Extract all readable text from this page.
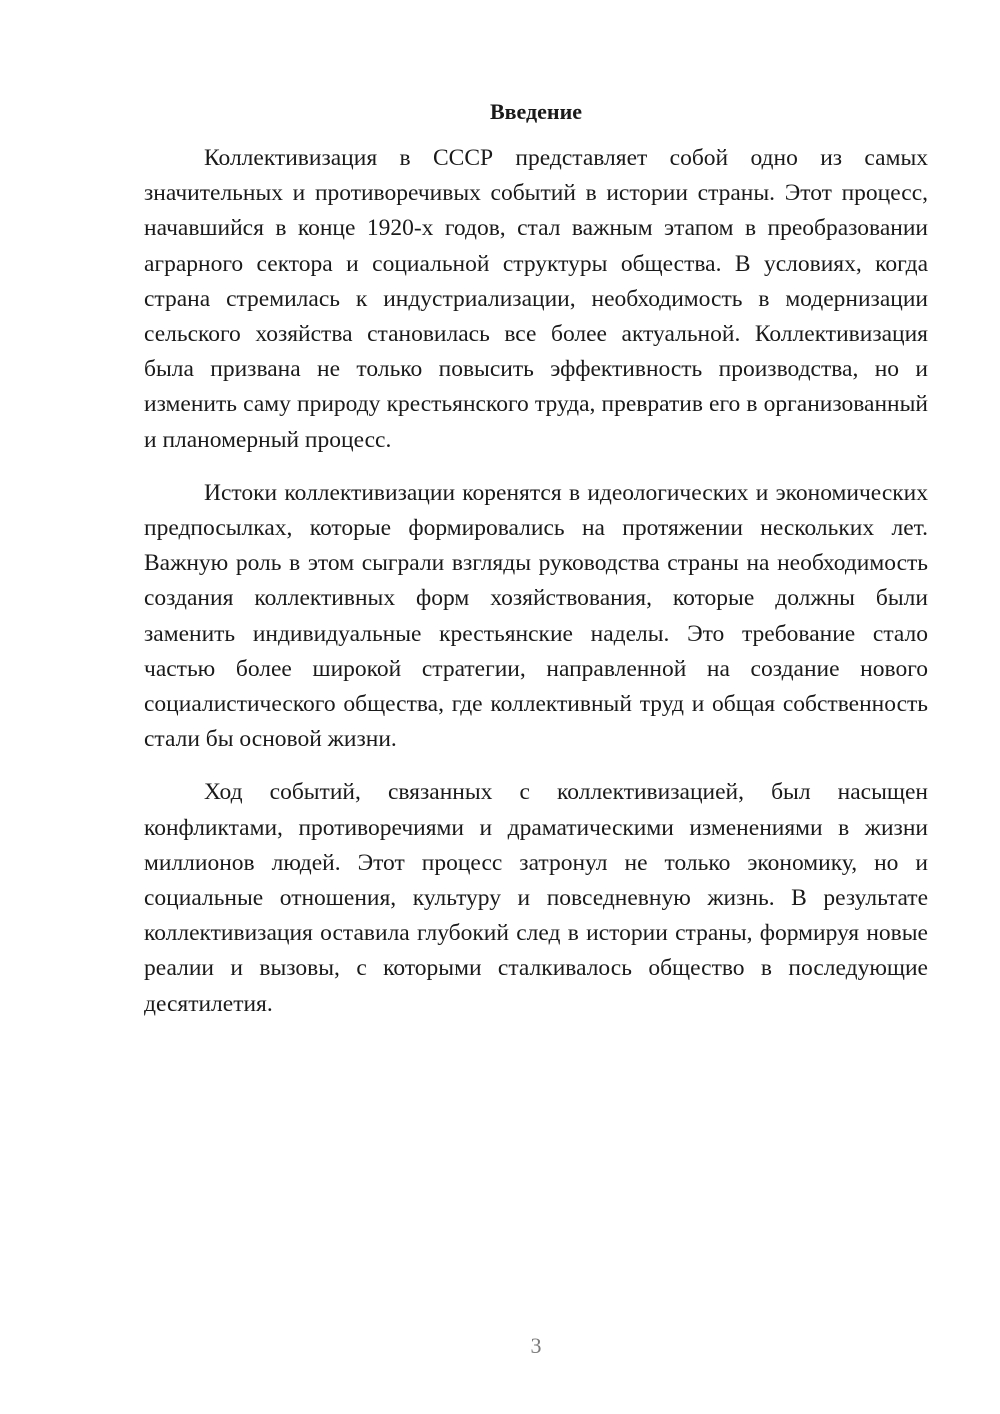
Введение

Коллективизация в СССР представляет собой одно из самых значительных и противоречивых событий в истории страны. Этот процесс, начавшийся в конце 1920-х годов, стал важным этапом в преобразовании аграрного сектора и социальной структуры общества. В условиях, когда страна стремилась к индустриализации, необходимость в модернизации сельского хозяйства становилась все более актуальной. Коллективизация была призвана не только повысить эффективность производства, но и изменить саму природу крестьянского труда, превратив его в организованный и планомерный процесс.

Истоки коллективизации коренятся в идеологических и экономических предпосылках, которые формировались на протяжении нескольких лет. Важную роль в этом сыграли взгляды руководства страны на необходимость создания коллективных форм хозяйствования, которые должны были заменить индивидуальные крестьянские наделы. Это требование стало частью более широкой стратегии, направленной на создание нового социалистического общества, где коллективный труд и общая собственность стали бы основой жизни.

Ход событий, связанных с коллективизацией, был насыщен конфликтами, противоречиями и драматическими изменениями в жизни миллионов людей. Этот процесс затронул не только экономику, но и социальные отношения, культуру и повседневную жизнь. В результате коллективизация оставила глубокий след в истории страны, формируя новые реалии и вызовы, с которыми сталкивалось общество в последующие десятилетия.

3
